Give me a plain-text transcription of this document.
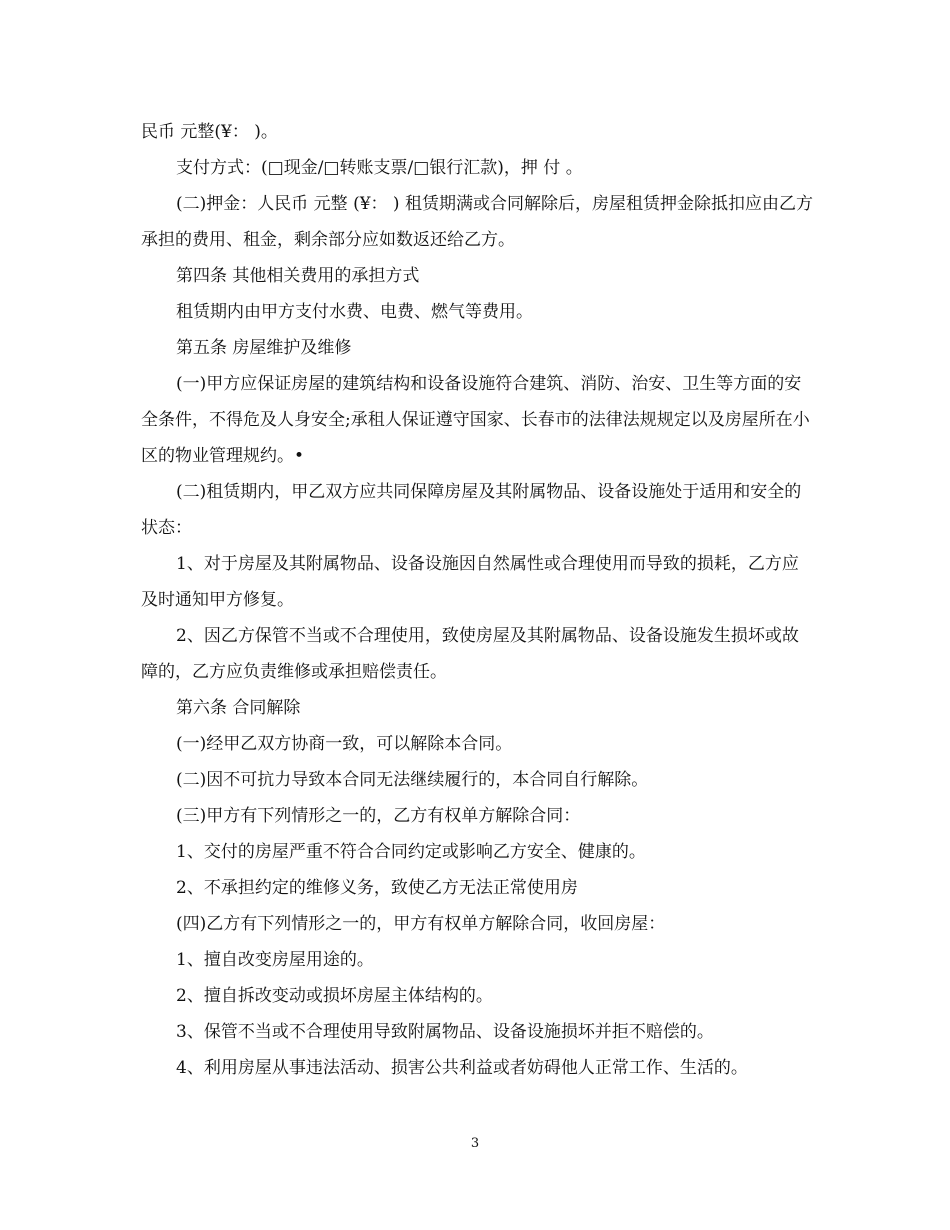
民币 元整(¥： )。

支付方式：(□现金/□转账支票/□银行汇款)，押 付 。

(二)押金：人民币 元整 (¥： ) 租赁期满或合同解除后，房屋租赁押金除抵扣应由乙方承担的费用、租金，剩余部分应如数返还给乙方。

第四条 其他相关费用的承担方式

租赁期内由甲方支付水费、电费、燃气等费用。

第五条 房屋维护及维修

(一)甲方应保证房屋的建筑结构和设备设施符合建筑、消防、治安、卫生等方面的安全条件，不得危及人身安全;承租人保证遵守国家、长春市的法律法规规定以及房屋所在小区的物业管理规约。•

(二)租赁期内，甲乙双方应共同保障房屋及其附属物品、设备设施处于适用和安全的状态：

1、对于房屋及其附属物品、设备设施因自然属性或合理使用而导致的损耗，乙方应及时通知甲方修复。

2、因乙方保管不当或不合理使用，致使房屋及其附属物品、设备设施发生损坏或故障的，乙方应负责维修或承担赔偿责任。

第六条 合同解除

(一)经甲乙双方协商一致，可以解除本合同。

(二)因不可抗力导致本合同无法继续履行的，本合同自行解除。

(三)甲方有下列情形之一的，乙方有权单方解除合同：

1、交付的房屋严重不符合合同约定或影响乙方安全、健康的。

2、不承担约定的维修义务，致使乙方无法正常使用房

(四)乙方有下列情形之一的，甲方有权单方解除合同，收回房屋：

1、擅自改变房屋用途的。

2、擅自拆改变动或损坏房屋主体结构的。

3、保管不当或不合理使用导致附属物品、设备设施损坏并拒不赔偿的。

4、利用房屋从事违法活动、损害公共利益或者妨碍他人正常工作、生活的。

3
